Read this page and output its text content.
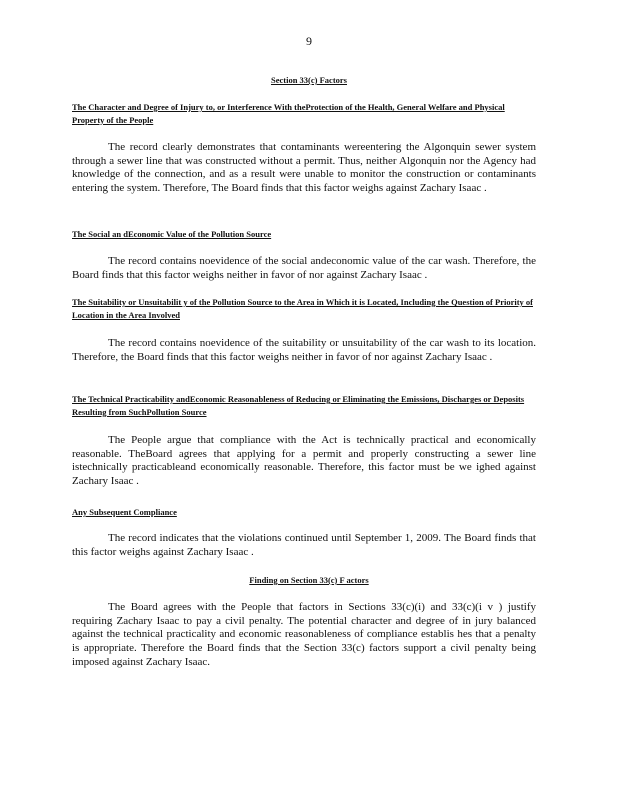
9
Section 33(c) Factors
The Character and Degree of Injury to, or Interference With theProtection of the Health, General Welfare and Physical Property of the People

The record clearly demonstrates that contaminants wereentering the Algonquin sewer system through a sewer line that was constructed without a permit. Thus, neither Algonquin nor the Agency had knowledge of the connection, and as a result were unable to monitor the construction or contaminants entering the system. Therefore, The Board finds that this factor weighs against Zachary Isaac .

The Social an dEconomic Value of the Pollution Source

The record contains noevidence of the social andeconomic value of the car wash. Therefore, the Board finds that this factor weighs neither in favor of nor against Zachary Isaac .

The Suitability or Unsuitabilit y of the Pollution Source to the Area in Which it is Located, Including the Question of Priority of Location in the Area Involved

The record contains noevidence of the suitability or unsuitability of the car wash to its location. Therefore, the Board finds that this factor weighs neither in favor of nor against Zachary Isaac .

The Technical Practicability andEconomic Reasonableness of Reducing or Eliminating the Emissions, Discharges or Deposits Resulting from SuchPollution Source

The People argue that compliance with the Act is technically practical and economically reasonable. TheBoard agrees that applying for a permit and properly constructing a sewer line istechnically practicableand economically reasonable. Therefore, this factor must be we ighed against Zachary Isaac .

Any Subsequent Compliance

The record indicates that the violations continued until September 1, 2009. The Board finds that this factor weighs against Zachary Isaac .

Finding on Section 33(c) F actors

The Board agrees with the People that factors in Sections 33(c)(i) and 33(c)(i v ) justify requiring Zachary Isaac to pay a civil penalty. The potential character and degree of in jury balanced against the technical practicality and economic reasonableness of compliance establis hes that a penalty is appropriate. Therefore the Board finds that the Section 33(c) factors support a civil penalty being imposed against Zachary Isaac.
